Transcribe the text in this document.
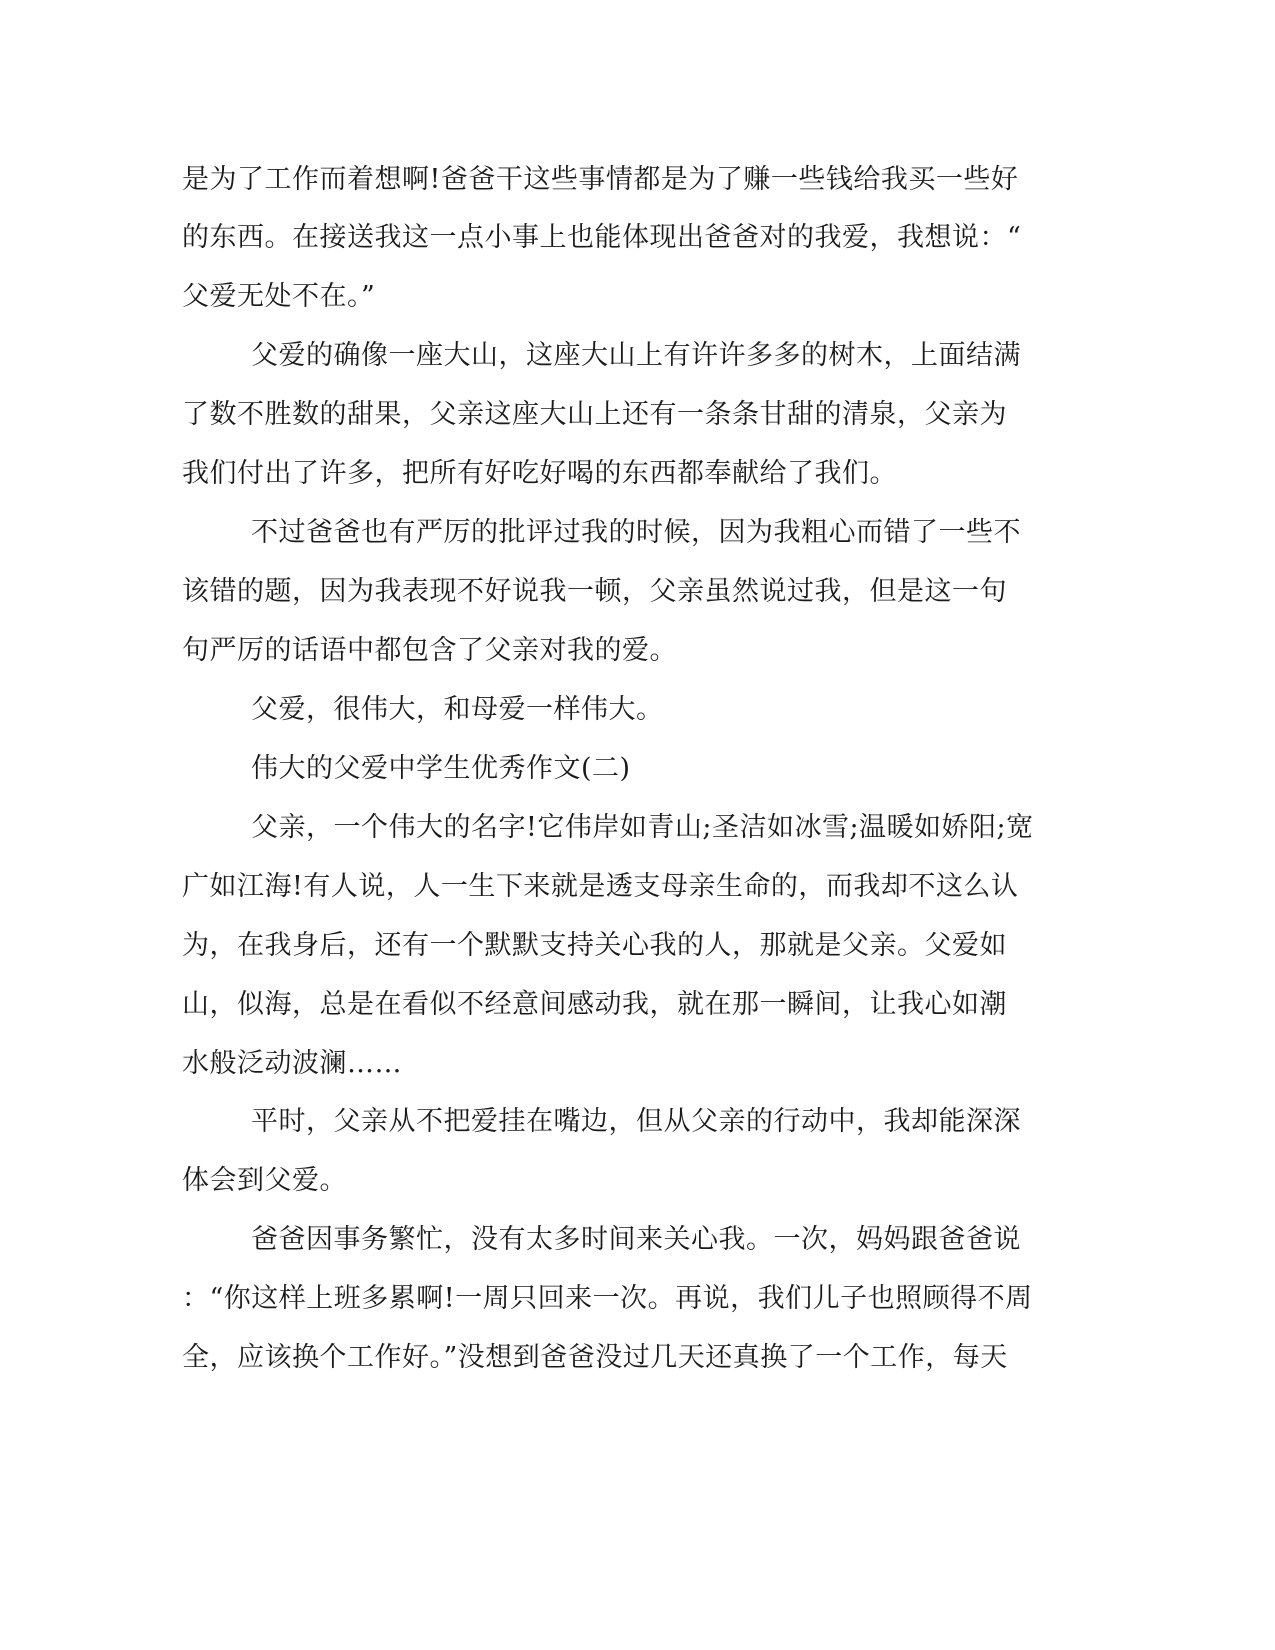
是为了工作而着想啊!爸爸干这些事情都是为了赚一些钱给我买一些好
的东西。在接送我这一点小事上也能体现出爸爸对的我爱，我想说：“
父爱无处不在。”
父爱的确像一座大山，这座大山上有许许多多的树木，上面结满
了数不胜数的甜果，父亲这座大山上还有一条条甘甜的清泉，父亲为
我们付出了许多，把所有好吃好喝的东西都奉献给了我们。
不过爸爸也有严厉的批评过我的时候，因为我粗心而错了一些不
该错的题，因为我表现不好说我一顿，父亲虽然说过我，但是这一句
句严厉的话语中都包含了父亲对我的爱。
父爱，很伟大，和母爱一样伟大。
伟大的父爱中学生优秀作文(二)
父亲，一个伟大的名字!它伟岸如青山;圣洁如冰雪;温暖如娇阳;宽
广如江海!有人说，人一生下来就是透支母亲生命的，而我却不这么认
为，在我身后，还有一个默默支持关心我的人，那就是父亲。父爱如
山，似海，总是在看似不经意间感动我，就在那一瞬间，让我心如潮
水般泛动波澜……
平时，父亲从不把爱挂在嘴边，但从父亲的行动中，我却能深深
体会到父爱。
爸爸因事务繁忙，没有太多时间来关心我。一次，妈妈跟爸爸说
：“你这样上班多累啊!一周只回来一次。再说，我们儿子也照顾得不周
全，应该换个工作好。”没想到爸爸没过几天还真换了一个工作，每天
